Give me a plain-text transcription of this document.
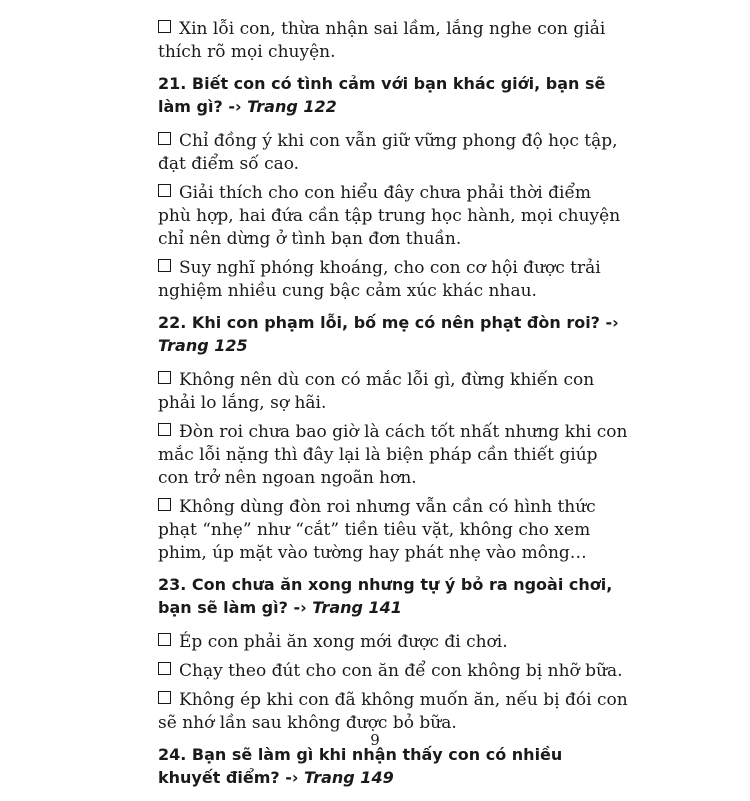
Xin lỗi con, thừa nhận sai lầm, lắng nghe con giải thích rõ mọi chuyện.

21. Biết con có tình cảm với bạn khác giới, bạn sẽ làm gì? -› Trang 122

Chỉ đồng ý khi con vẫn giữ vững phong độ học tập, đạt điểm số cao.

Giải thích cho con hiểu đây chưa phải thời điểm phù hợp, hai đứa cần tập trung học hành, mọi chuyện chỉ nên dừng ở tình bạn đơn thuần.

Suy nghĩ phóng khoáng, cho con cơ hội được trải nghiệm nhiều cung bậc cảm xúc khác nhau.

22. Khi con phạm lỗi, bố mẹ có nên phạt đòn roi? -› Trang 125

Không nên dù con có mắc lỗi gì, đừng khiến con phải lo lắng, sợ hãi.

Đòn roi chưa bao giờ là cách tốt nhất nhưng khi con mắc lỗi nặng thì đây lại là biện pháp cần thiết giúp con trở nên ngoan ngoãn hơn.

Không dùng đòn roi nhưng vẫn cần có hình thức phạt “nhẹ” như “cắt” tiền tiêu vặt, không cho xem phim, úp mặt vào tường hay phát nhẹ vào mông…

23. Con chưa ăn xong nhưng tự ý bỏ ra ngoài chơi, bạn sẽ làm gì? -› Trang 141

Ép con phải ăn xong mới được đi chơi.

Chạy theo đút cho con ăn để con không bị nhỡ bữa.

Không ép khi con đã không muốn ăn, nếu bị đói con sẽ nhớ lần sau không được bỏ bữa.

24. Bạn sẽ làm gì khi nhận thấy con có nhiều khuyết điểm? -› Trang 149

9
